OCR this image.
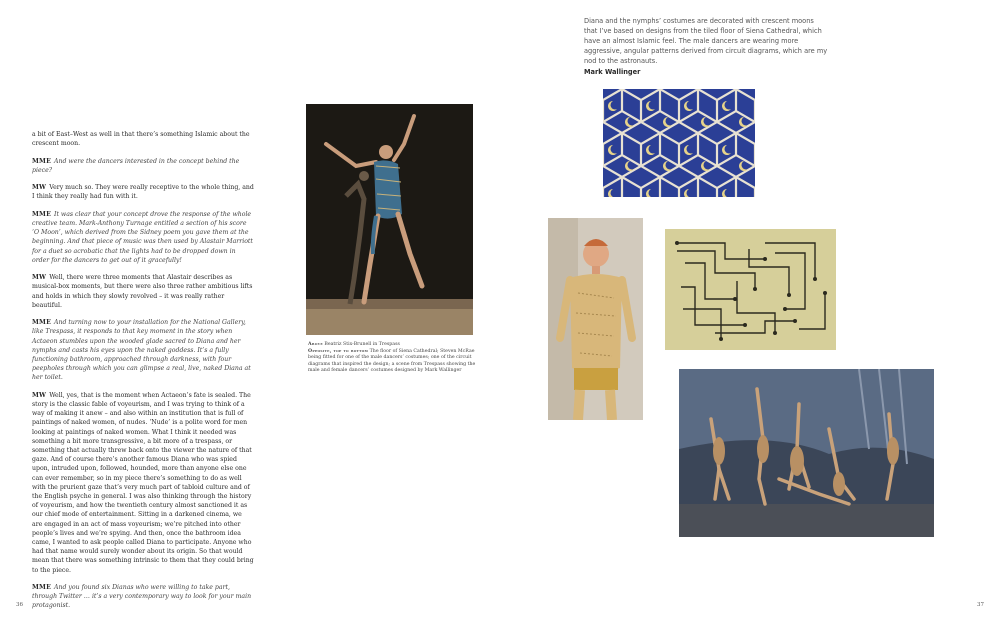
a bit of East–West as well in that there’s something Islamic about the crescent moon.

MME And were the dancers interested in the concept behind the piece?

MW Very much so. They were really receptive to the whole thing, and I think they really had fun with it.

MME It was clear that your concept drove the response of the whole creative team. Mark-Anthony Turnage entitled a section of his score ‘O Moon’, which derived from the Sidney poem you gave them at the beginning. And that piece of music was then used by Alastair Marriott for a duet so acrobatic that the lights had to be dropped down in order for the dancers to get out of it gracefully!

MW Well, there were three moments that Alastair describes as musical-box moments, but there were also three rather ambitious lifts and holds in which they slowly revolved – it was really rather beautiful.

MME And turning now to your installation for the National Gallery, like Trespass, it responds to that key moment in the story when Actaeon stumbles upon the wooded glade sacred to Diana and her nymphs and casts his eyes upon the naked goddess. It’s a fully functioning bathroom, approached through darkness, with four peepholes through which you can glimpse a real, live, naked Diana at her toilet.

MW Well, yes, that is the moment when Actaeon’s fate is sealed. The story is the classic fable of voyeurism, and I was trying to think of a way of making it anew – and also within an institution that is full of paintings of naked women, of nudes. ‘Nude’ is a polite word for men looking at paintings of naked women. What I think it needed was something a bit more transgressive, a bit more of a trespass, or something that actually threw back onto the viewer the nature of that gaze. And of course there’s another famous Diana who was spied upon, intruded upon, followed, hounded, more than anyone else one can ever remember, so in my piece there’s something to do as well with the prurient gaze that’s very much part of tabloid culture and of the English psyche in general. I was also thinking through the history of voyeurism, and how the twentieth century almost sanctioned it as our chief mode of entertainment. Sitting in a darkened cinema, we are engaged in an act of mass voyeurism; we’re pitched into other people’s lives and we’re spying. And then, once the bathroom idea came, I wanted to ask people called Diana to participate. Anyone who had that name would surely wonder about its origin. So that would mean that there was something intrinsic to them that they could bring to the piece.

MME And you found six Dianas who were willing to take part, through Twitter … it’s a very contemporary way to look for your main protagonist.

36
Above Beatriz Stix-Brunell in Trespass
Opposite, top to bottom The floor of Siena Cathedral; Steven McRae being fitted for one of the male dancers’ costumes; one of the circuit diagrams that inspired the design; a scene from Trespass showing the male and female dancers’ costumes designed by Mark Wallinger
Diana and the nymphs’ costumes are decorated with crescent moons that I’ve based on designs from the tiled floor of Siena Cathedral, which have an almost Islamic feel. The male dancers are wearing more aggressive, angular patterns derived from circuit diagrams, which are my nod to the astronauts.
Mark Wallinger
37
